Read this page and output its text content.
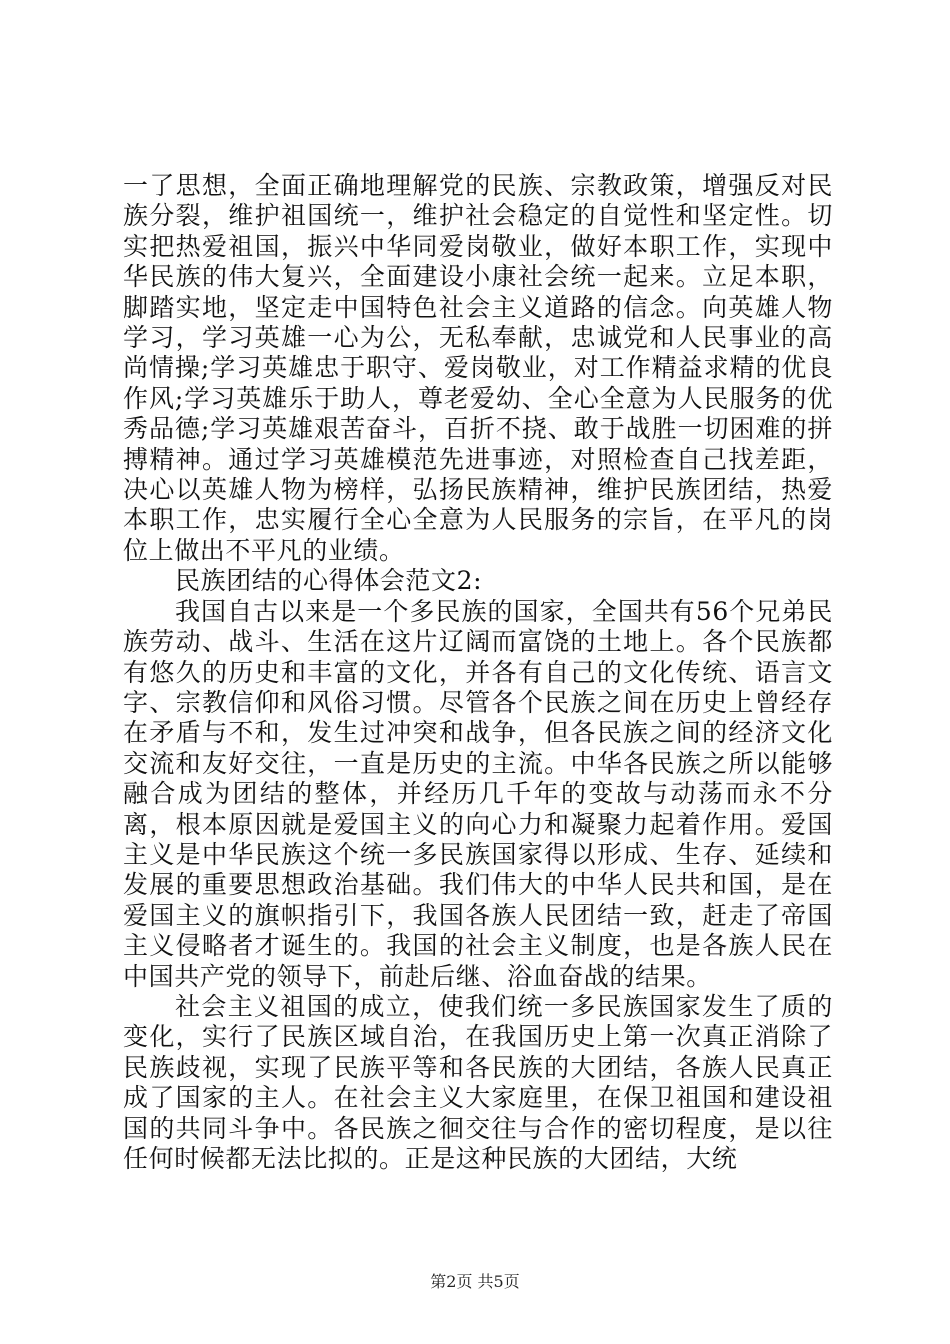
一了思想，全面正确地理解党的民族、宗教政策，增强反对民族分裂，维护祖国统一，维护社会稳定的自觉性和坚定性。切实把热爱祖国，振兴中华同爱岗敬业，做好本职工作，实现中华民族的伟大复兴，全面建设小康社会统一起来。立足本职，脚踏实地，坚定走中国特色社会主义道路的信念。向英雄人物学习，学习英雄一心为公，无私奉献，忠诚党和人民事业的高尚情操;学习英雄忠于职守、爱岗敬业，对工作精益求精的优良作风;学习英雄乐于助人，尊老爱幼、全心全意为人民服务的优秀品德;学习英雄艰苦奋斗，百折不挠、敢于战胜一切困难的拼搏精神。通过学习英雄模范先进事迹，对照检查自己找差距，决心以英雄人物为榜样，弘扬民族精神，维护民族团结，热爱本职工作，忠实履行全心全意为人民服务的宗旨，在平凡的岗位上做出不平凡的业绩。

民族团结的心得体会范文2:

我国自古以来是一个多民族的国家，全国共有56个兄弟民族劳动、战斗、生活在这片辽阔而富饶的土地上。各个民族都有悠久的历史和丰富的文化，并各有自己的文化传统、语言文字、宗教信仰和风俗习惯。尽管各个民族之间在历史上曾经存在矛盾与不和，发生过冲突和战争，但各民族之间的经济文化交流和友好交往，一直是历史的主流。中华各民族之所以能够融合成为团结的整体，并经历几千年的变故与动荡而永不分离，根本原因就是爱国主义的向心力和凝聚力起着作用。爱国主义是中华民族这个统一多民族国家得以形成、生存、延续和发展的重要思想政治基础。我们伟大的中华人民共和国，是在爱国主义的旗帜指引下，我国各族人民团结一致，赶走了帝国主义侵略者才诞生的。我国的社会主义制度，也是各族人民在中国共产党的领导下，前赴后继、浴血奋战的结果。

社会主义祖国的成立，使我们统一多民族国家发生了质的变化，实行了民族区域自治，在我国历史上第一次真正消除了民族歧视，实现了民族平等和各民族的大团结，各族人民真正成了国家的主人。在社会主义大家庭里，在保卫祖国和建设祖国的共同斗争中。各民族之徊交往与合作的密切程度，是以往任何时候都无法比拟的。正是这种民族的大团结，大统

第2页 共5页
